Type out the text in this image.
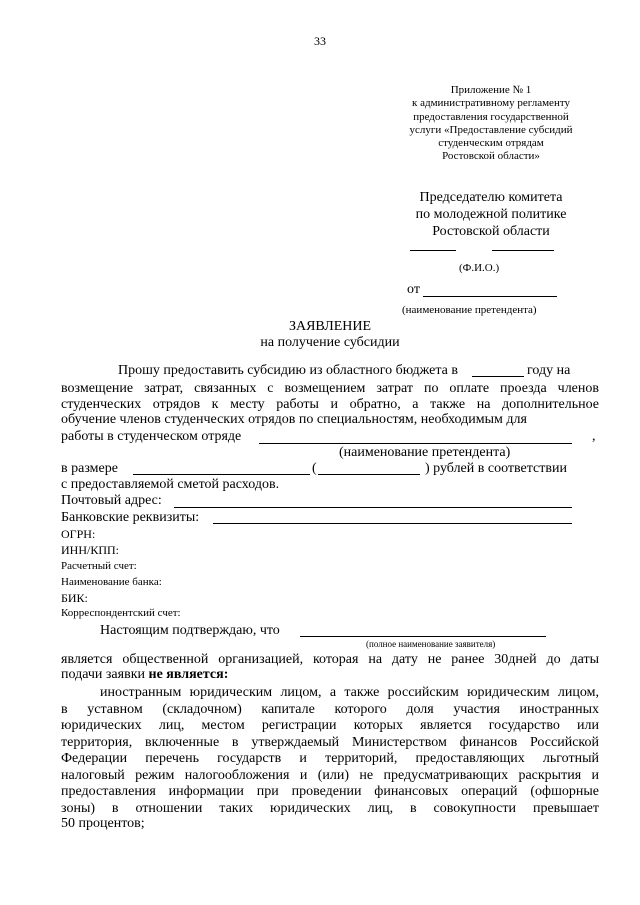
33
Приложение № 1
к административному регламенту
предоставления государственной
услуги «Предоставление субсидий
студенческим отрядам
Ростовской области»
Председателю комитета
по молодежной политике
Ростовской области
(Ф.И.О.)
от
(наименование претендента)
ЗАЯВЛЕНИЕ
на получение субсидии
Прошу предоставить субсидию из областного бюджета в	году на
возмещение затрат, связанных с возмещением затрат по оплате проезда членов
студенческих отрядов к месту работы и обратно, а также на дополнительное
обучение членов студенческих отрядов по специальностям, необходимым для
работы в студенческом отряде	,
(наименование претендента)
в размере	(	) рублей в соответствии
с предоставляемой сметой расходов.
Почтовый адрес:
Банковские реквизиты:
ОГРН:
ИНН/КПП:
Расчетный счет:
Наименование банка:
БИК:
Корреспондентский счет:
Настоящим подтверждаю, что
(полное наименование заявителя)
является общественной организацией, которая на дату не ранее 30дней до даты
подачи заявки не является:
иностранным юридическим лицом, а также российским юридическим лицом,
в уставном (складочном) капитале которого доля участия иностранных
юридических лиц, местом регистрации которых является государство или
территория, включенные в утверждаемый Министерством финансов Российской
Федерации перечень государств и территорий, предоставляющих льготный
налоговый режим налогообложения и (или) не предусматривающих раскрытия и
предоставления информации при проведении финансовых операций (офшорные
зоны) в отношении таких юридических лиц, в совокупности превышает
50 процентов;
